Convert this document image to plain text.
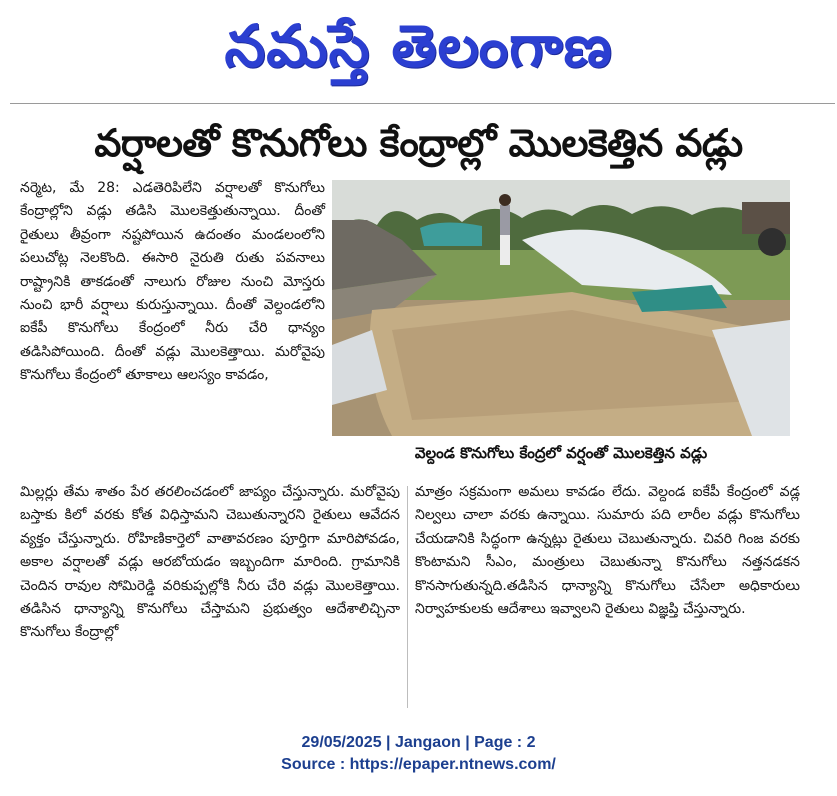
నమస్తే తెలంగాణ
వర్షాలతో కొనుగోలు కేంద్రాల్లో మొలకెత్తిన వడ్లు

నర్మెట, మే 28: ఎడతెరిపిలేని వర్షాలతో కొనుగోలు కేంద్రాల్లోని వడ్లు తడిసి మొలకెత్తుతున్నాయి. దీంతో రైతులు తీవ్రంగా నష్టపోయిన ఉదంతం మండలంలోని పలుచోట్ల నెలకొంది. ఈసారి నైరుతి రుతు పవనాలు రాష్ట్రానికి తాకడంతో నాలుగు రోజుల నుంచి మోస్తరు నుంచి భారీ వర్షాలు కురుస్తున్నాయి. దీంతో వెల్దండలోని ఐకేపీ కొనుగోలు కేంద్రంలో నీరు చేరి ధాన్యం తడిసిపోయింది. దీంతో వడ్లు మొలకెత్తాయి. మరోవైపు కొనుగోలు కేంద్రంలో తూకాలు ఆలస్యం కావడం,

వెల్దండ కొనుగోలు కేంద్రలో వర్షంతో మొలకెత్తిన వడ్లు

మిల్లర్లు తేమ శాతం పేర తరలించడంలో జాప్యం చేస్తున్నారు. మరోవైపు బస్తాకు కిలో వరకు కోత విధిస్తామని చెబుతున్నారని రైతులు ఆవేదన వ్యక్తం చేస్తున్నారు. రోహిణికార్తెలో వాతావరణం పూర్తిగా మారిపోవడం, అకాల వర్షాలతో వడ్లు ఆరబోయడం ఇబ్బందిగా మారింది. గ్రామానికి చెందిన రావుల సోమిరెడ్డి వరికుప్పల్లోకి నీరు చేరి వడ్లు మొలకెత్తాయి. తడిసిన ధాన్యాన్ని కొనుగోలు చేస్తామని ప్రభుత్వం ఆదేశాలిచ్చినా కొనుగోలు కేంద్రాల్లో

మాత్రం సక్రమంగా అమలు కావడం లేదు. వెల్దండ ఐకేపీ కేంద్రంలో వడ్ల నిల్వలు చాలా వరకు ఉన్నాయి. సుమారు పది లారీల వడ్లు కొనుగోలు చేయడానికి సిద్ధంగా ఉన్నట్లు రైతులు చెబుతున్నారు. చివరి గింజ వరకు కొంటామని సీఎం, మంత్రులు చెబుతున్నా కొనుగోలు నత్తనడకన కొనసాగుతున్నది.తడిసిన ధాన్యాన్ని కొనుగోలు చేసేలా అధికారులు నిర్వాహకులకు ఆదేశాలు ఇవ్వాలని రైతులు విజ్ఞప్తి చేస్తున్నారు.

29/05/2025 | Jangaon | Page : 2
Source : https://epaper.ntnews.com/
